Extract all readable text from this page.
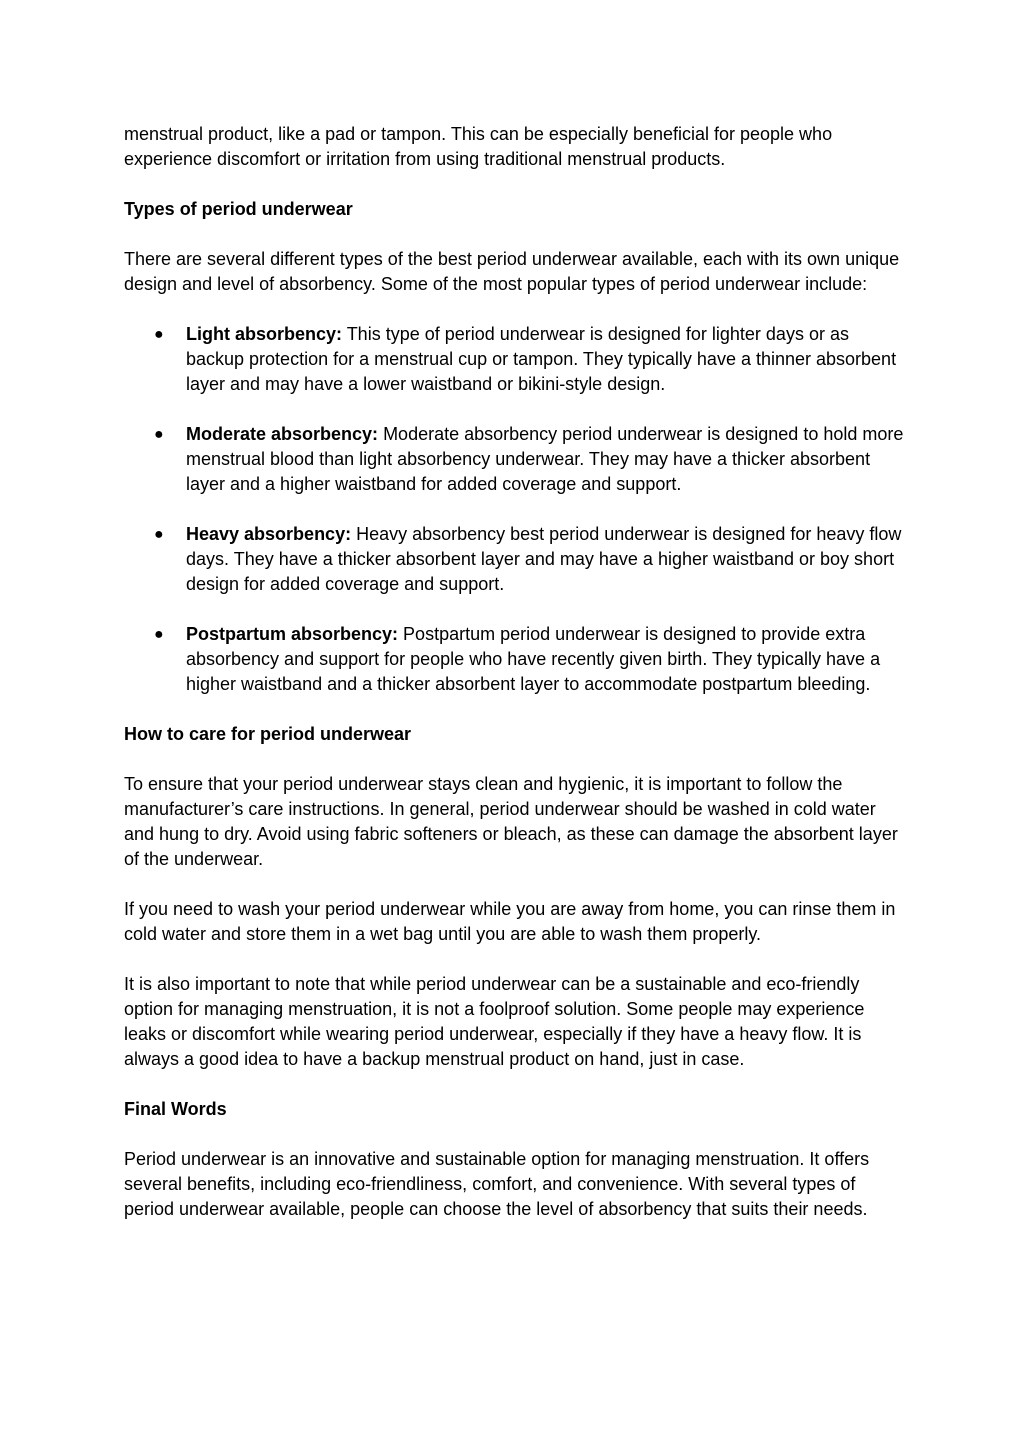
menstrual product, like a pad or tampon. This can be especially beneficial for people who experience discomfort or irritation from using traditional menstrual products.

Types of period underwear

There are several different types of the best period underwear available, each with its own unique design and level of absorbency. Some of the most popular types of period underwear include:

● Light absorbency: This type of period underwear is designed for lighter days or as backup protection for a menstrual cup or tampon. They typically have a thinner absorbent layer and may have a lower waistband or bikini-style design.
● Moderate absorbency: Moderate absorbency period underwear is designed to hold more menstrual blood than light absorbency underwear. They may have a thicker absorbent layer and a higher waistband for added coverage and support.
● Heavy absorbency: Heavy absorbency best period underwear is designed for heavy flow days. They have a thicker absorbent layer and may have a higher waistband or boy short design for added coverage and support.
● Postpartum absorbency: Postpartum period underwear is designed to provide extra absorbency and support for people who have recently given birth. They typically have a higher waistband and a thicker absorbent layer to accommodate postpartum bleeding.

How to care for period underwear

To ensure that your period underwear stays clean and hygienic, it is important to follow the manufacturer’s care instructions. In general, period underwear should be washed in cold water and hung to dry. Avoid using fabric softeners or bleach, as these can damage the absorbent layer of the underwear.

If you need to wash your period underwear while you are away from home, you can rinse them in cold water and store them in a wet bag until you are able to wash them properly.

It is also important to note that while period underwear can be a sustainable and eco-friendly option for managing menstruation, it is not a foolproof solution. Some people may experience leaks or discomfort while wearing period underwear, especially if they have a heavy flow. It is always a good idea to have a backup menstrual product on hand, just in case.

Final Words

Period underwear is an innovative and sustainable option for managing menstruation. It offers several benefits, including eco-friendliness, comfort, and convenience. With several types of period underwear available, people can choose the level of absorbency that suits their needs.
